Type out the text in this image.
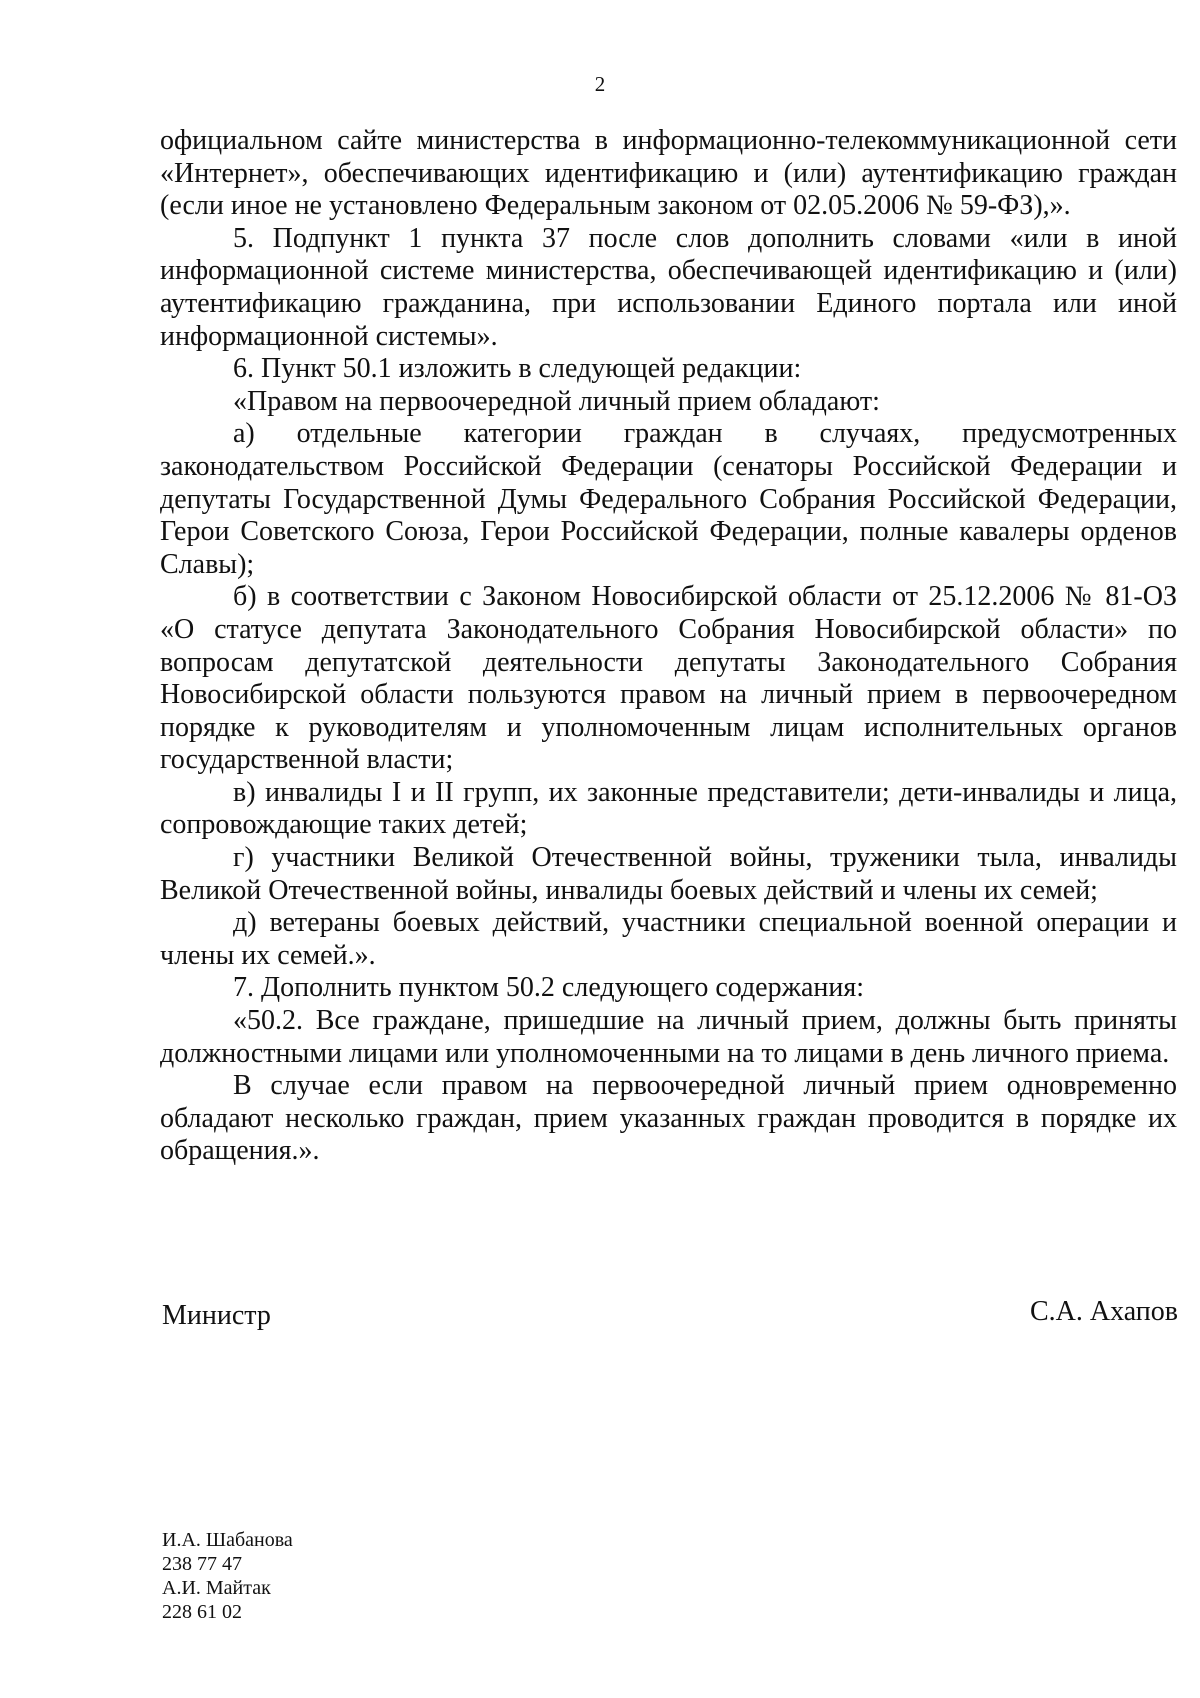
2

официальном сайте министерства в информационно-телекоммуникационной сети «Интернет», обеспечивающих идентификацию и (или) аутентификацию граждан (если иное не установлено Федеральным законом от 02.05.2006 № 59-ФЗ),».

5. Подпункт 1 пункта 37 после слов дополнить словами «или в иной информационной системе министерства, обеспечивающей идентификацию и (или) аутентификацию гражданина, при использовании Единого портала или иной информационной системы».

6. Пункт 50.1 изложить в следующей редакции:

«Правом на первоочередной личный прием обладают:

а) отдельные категории граждан в случаях, предусмотренных законодательством Российской Федерации (сенаторы Российской Федерации и депутаты Государственной Думы Федерального Собрания Российской Федерации, Герои Советского Союза, Герои Российской Федерации, полные кавалеры орденов Славы);

б) в соответствии с Законом Новосибирской области от 25.12.2006 № 81-ОЗ «О статусе депутата Законодательного Собрания Новосибирской области» по вопросам депутатской деятельности депутаты Законодательного Собрания Новосибирской области пользуются правом на личный прием в первоочередном порядке к руководителям и уполномоченным лицам исполнительных органов государственной власти;

в) инвалиды I и II групп, их законные представители; дети-инвалиды и лица, сопровождающие таких детей;

г) участники Великой Отечественной войны, труженики тыла, инвалиды Великой Отечественной войны, инвалиды боевых действий и члены их семей;

д) ветераны боевых действий, участники специальной военной операции и члены их семей.».

7. Дополнить пунктом 50.2 следующего содержания:

«50.2. Все граждане, пришедшие на личный прием, должны быть приняты должностными лицами или уполномоченными на то лицами в день личного приема.

В случае если правом на первоочередной личный прием одновременно обладают несколько граждан, прием указанных граждан проводится в порядке их обращения.».

Министр	С.А. Ахапов
И.А. Шабанова
238 77 47
А.И. Майтак
228 61 02
